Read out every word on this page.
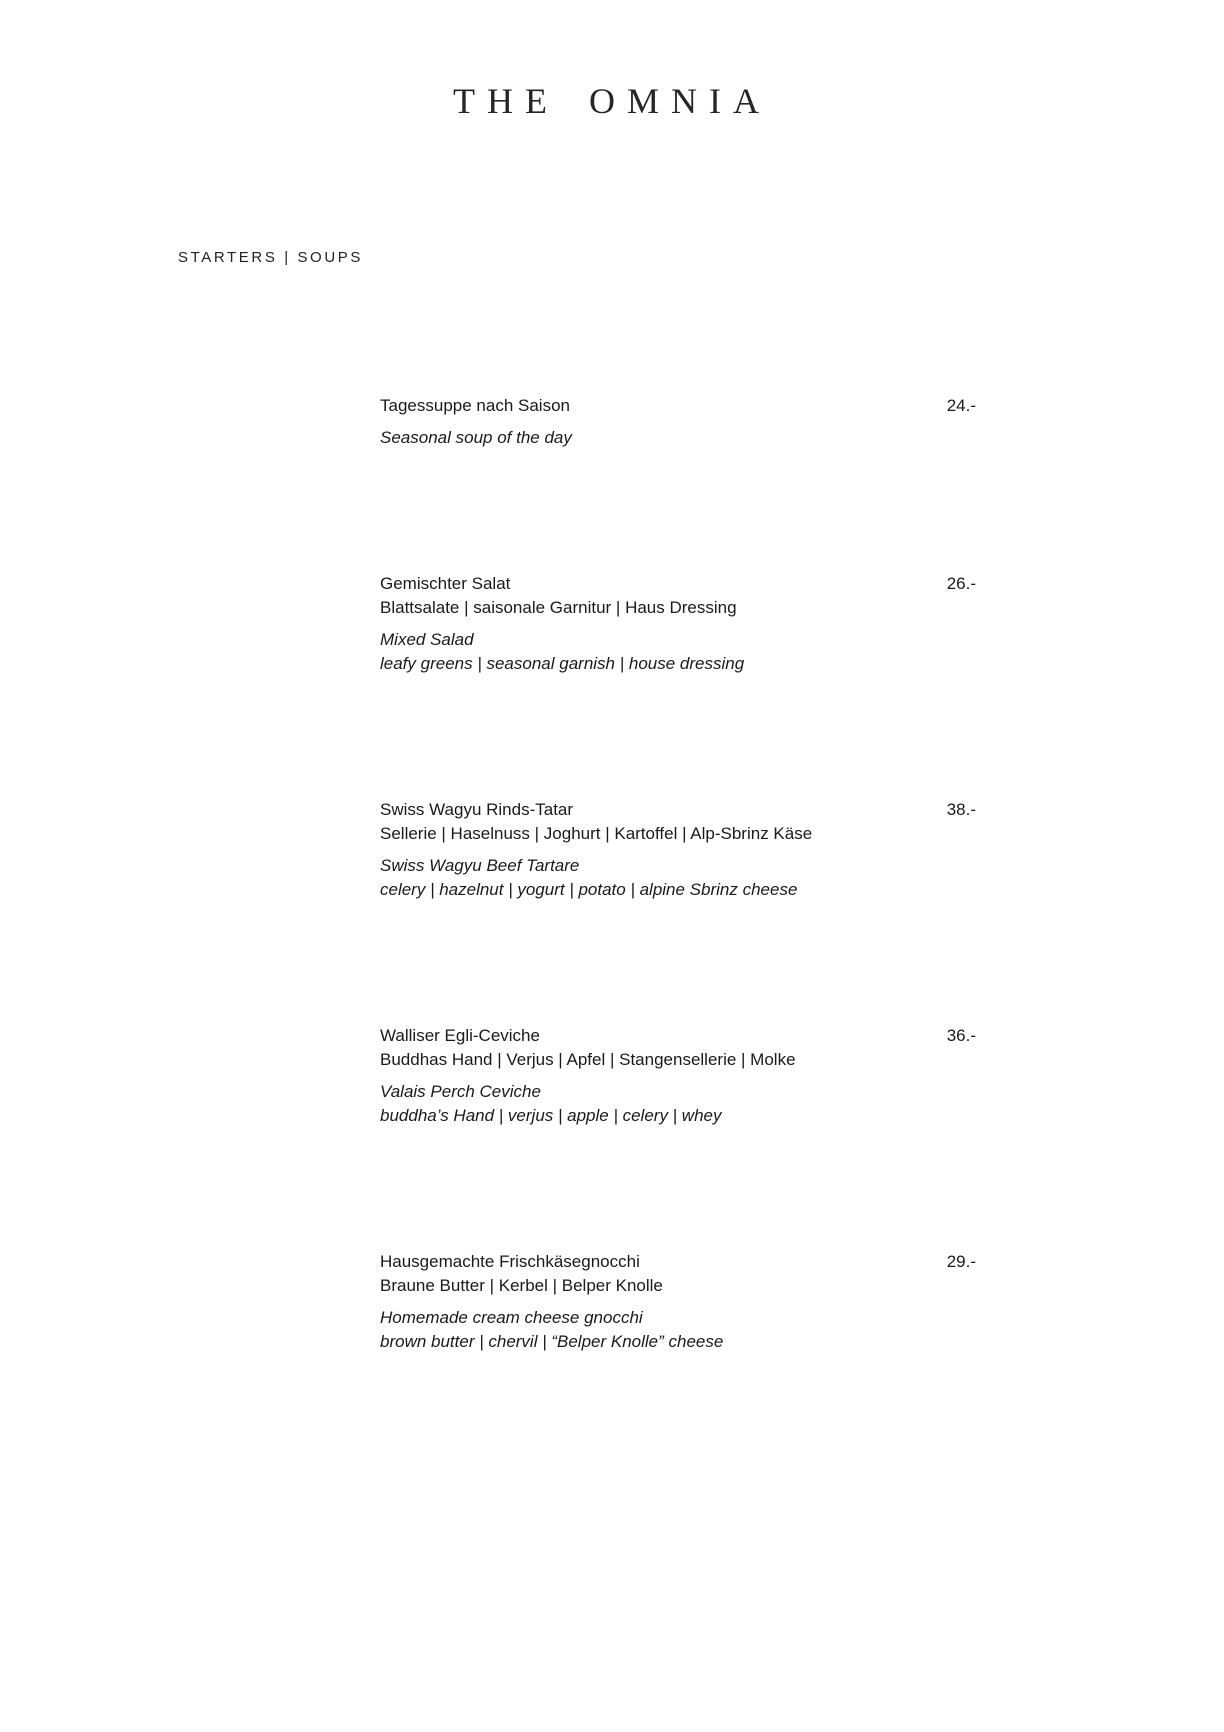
THE OMNIA
STARTERS | SOUPS
Tagessuppe nach Saison	24.-
Seasonal soup of the day
Gemischter Salat
Blattsalate | saisonale Garnitur | Haus Dressing
26.-
Mixed Salad
leafy greens | seasonal garnish | house dressing
Swiss Wagyu Rinds-Tatar
Sellerie | Haselnuss | Joghurt | Kartoffel | Alp-Sbrinz Käse
38.-
Swiss Wagyu Beef Tartare
celery | hazelnut | yogurt | potato | alpine Sbrinz cheese
Walliser Egli-Ceviche
Buddhas Hand | Verjus | Apfel | Stangensellerie | Molke
36.-
Valais Perch Ceviche
buddha’s Hand | verjus | apple | celery | whey
Hausgemachte Frischkäsegnocchi
Braune Butter | Kerbel | Belper Knolle
29.-
Homemade cream cheese gnocchi
brown butter | chervil | “Belper Knolle” cheese
